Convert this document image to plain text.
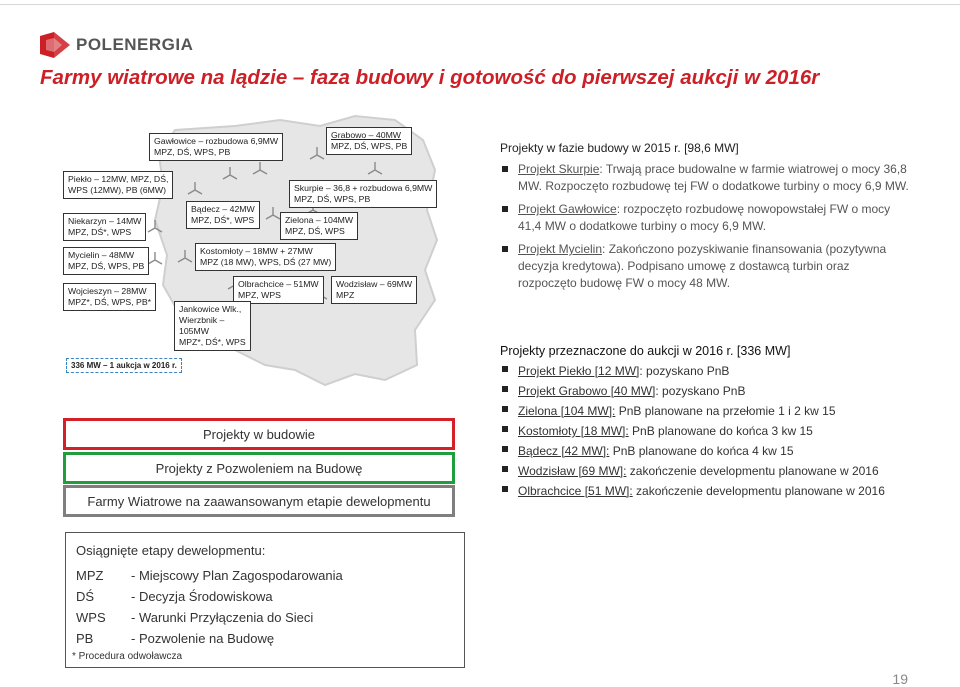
POLENERGIA
Farmy wiatrowe na lądzie – faza budowy i gotowość do pierwszej aukcji w 2016r
Gawłowice – rozbudowa 6,9MW
MPZ, DŚ, WPS, PB
Grabowo – 40MW
MPZ, DŚ, WPS, PB
Piekło – 12MW, MPZ, DŚ,
WPS (12MW), PB (6MW)	Skurpie – 36,8 + rozbudowa 6,9MW
MPZ, DŚ, WPS, PB
Bądecz – 42MW
MPZ, DŚ*, WPS
Niekarzyn – 14MW
MPZ, DŚ*, WPS
Zielona – 104MW
MPZ, DŚ, WPS
Mycielin – 48MW
MPZ, DŚ, WPS, PB
Kostomłoty – 18MW + 27MW
MPZ (18 MW), WPS, DŚ (27 MW)
Wojcieszyn – 28MW
MPZ*, DŚ, WPS, PB*
Olbrachcice – 51MW
MPZ, WPS
Wodzisław – 69MW
MPZ
Jankowice Wlk.,
Wierzbnik –
105MW
MPZ*, DŚ*, WPS
336 MW – 1 aukcja w 2016 r.
Projekty w budowie
Projekty z Pozwoleniem na Budowę
Farmy Wiatrowe na zaawansowanym etapie dewelopmentu
Projekty w fazie budowy w 2015 r. [98,6 MW]
Projekt Skurpie: Trwają prace budowalne w farmie wiatrowej o mocy 36,8 MW. Rozpoczęto rozbudowę tej FW o dodatkowe turbiny o mocy 6,9 MW.
Projekt Gawłowice: rozpoczęto rozbudowę nowopowstałej FW o mocy 41,4 MW o dodatkowe turbiny o mocy 6,9 MW.
Projekt Mycielin: Zakończono pozyskiwanie finansowania (pozytywna decyzja kredytowa). Podpisano umowę z dostawcą turbin oraz rozpoczęto budowę FW o mocy 48 MW.
Projekty przeznaczone do aukcji w 2016 r. [336 MW]
Projekt Piekło [12 MW]: pozyskano PnB
Projekt Grabowo [40 MW]: pozyskano PnB
Zielona [104 MW]: PnB planowane na przełomie 1 i 2 kw 15
Kostomłoty [18 MW]: PnB planowane do końca 3 kw 15
Bądecz [42 MW]: PnB planowane do końca 4 kw 15
Wodzisław [69 MW]: zakończenie developmentu planowane w 2016
Olbrachcice [51 MW]: zakończenie developmentu planowane w 2016
Osiągnięte etapy dewelopmentu:
MPZ	- Miejscowy Plan Zagospodarowania
DŚ	- Decyzja Środowiskowa
WPS	- Warunki Przyłączenia do Sieci
PB	- Pozwolenie na Budowę
* Procedura odwoławcza
19
